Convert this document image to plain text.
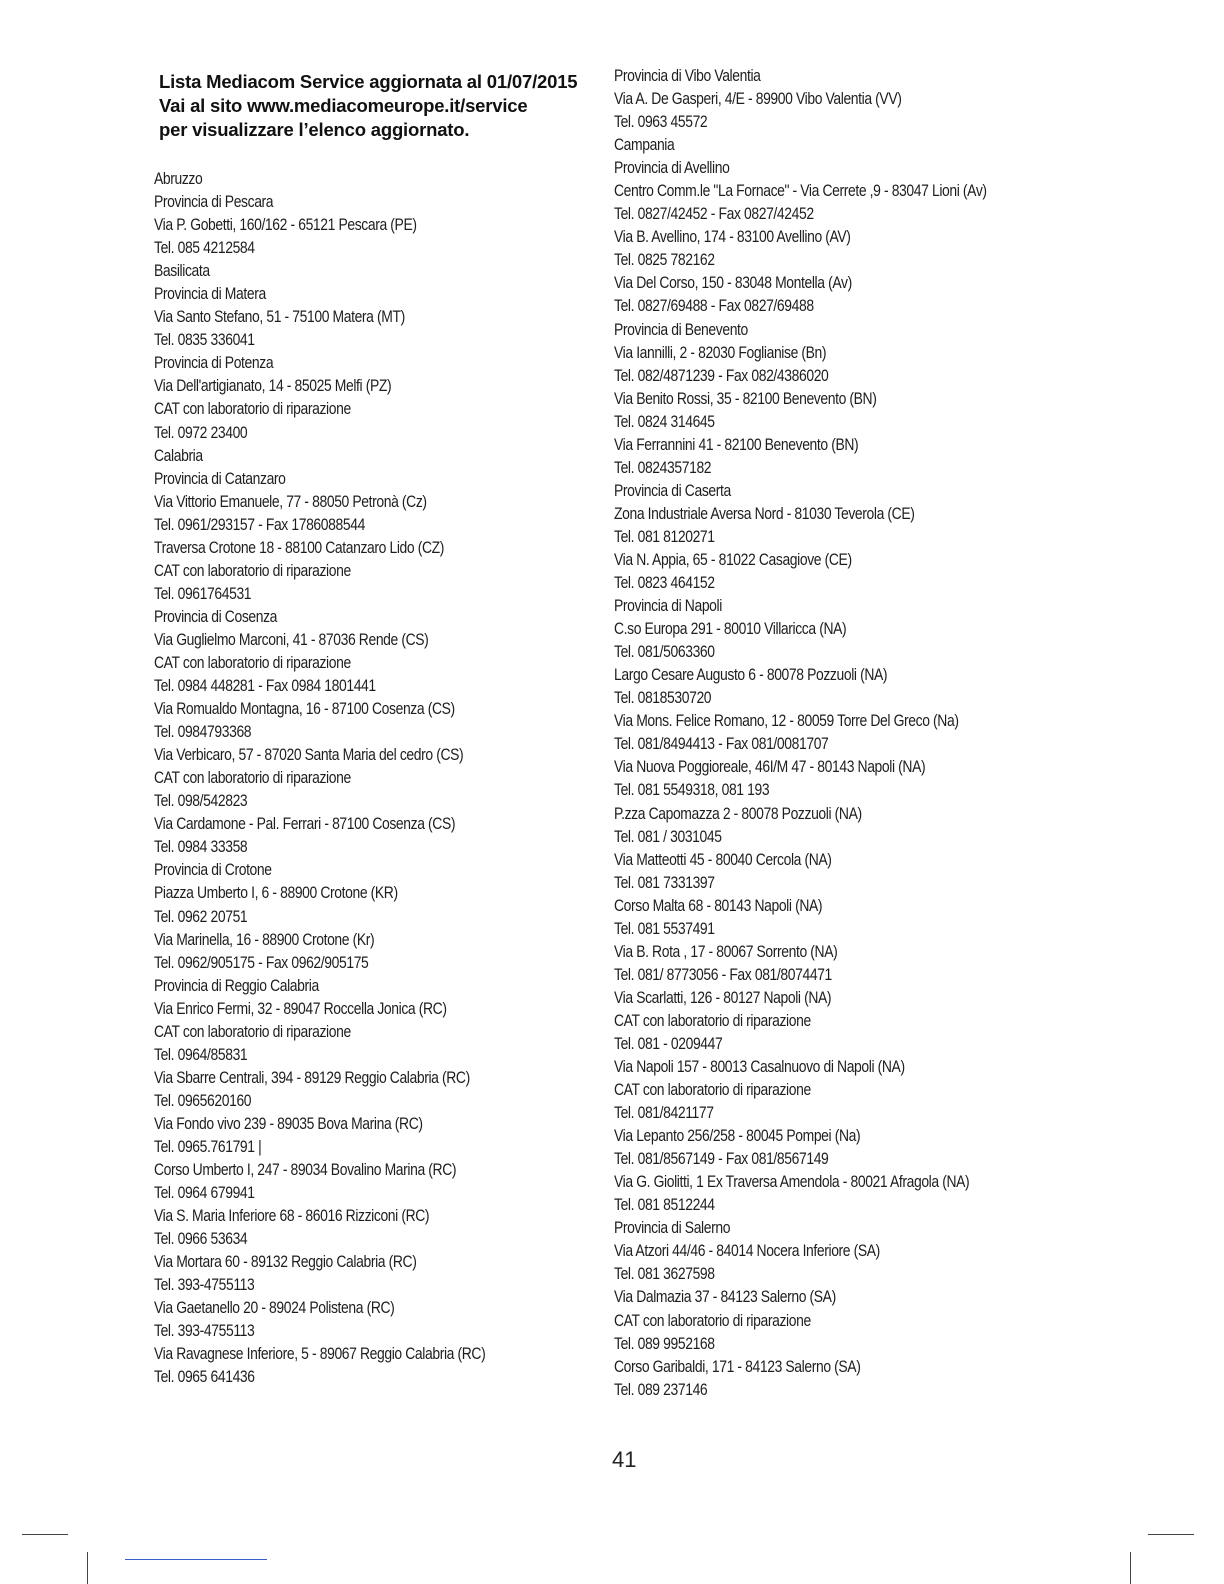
Lista Mediacom Service aggiornata al 01/07/2015
Vai al sito www.mediacomeurope.it/service
per visualizzare l’elenco aggiornato.
Abruzzo
Provincia di Pescara
Via P. Gobetti, 160/162 - 65121 Pescara (PE)
Tel. 085 4212584
Basilicata
Provincia di Matera
Via Santo Stefano, 51 - 75100 Matera (MT)
Tel. 0835 336041
Provincia di Potenza
Via Dell'artigianato, 14 - 85025 Melfi (PZ)
CAT con laboratorio di riparazione
Tel. 0972 23400
Calabria
Provincia di Catanzaro
Via Vittorio Emanuele, 77 - 88050 Petronà (Cz)
Tel. 0961/293157 - Fax 1786088544
Traversa Crotone 18 - 88100 Catanzaro Lido (CZ)
CAT con laboratorio di riparazione
Tel. 0961764531
Provincia di Cosenza
Via Guglielmo Marconi, 41 - 87036 Rende (CS)
CAT con laboratorio di riparazione
Tel. 0984 448281 - Fax 0984 1801441
Via Romualdo Montagna, 16 - 87100 Cosenza (CS)
Tel. 0984793368
Via Verbicaro, 57 - 87020 Santa Maria del cedro (CS)
CAT con laboratorio di riparazione
Tel. 098/542823
Via Cardamone - Pal. Ferrari - 87100 Cosenza (CS)
Tel. 0984 33358
Provincia di Crotone
Piazza Umberto I, 6 - 88900 Crotone (KR)
Tel. 0962 20751
Via Marinella, 16 - 88900 Crotone (Kr)
Tel. 0962/905175 - Fax 0962/905175
Provincia di Reggio Calabria
Via Enrico Fermi, 32 - 89047 Roccella Jonica (RC)
CAT con laboratorio di riparazione
Tel. 0964/85831
Via Sbarre Centrali, 394 - 89129 Reggio Calabria (RC)
Tel. 0965620160
Via Fondo vivo 239 - 89035 Bova Marina (RC)
Tel. 0965.761791 |
Corso Umberto I, 247 - 89034 Bovalino Marina (RC)
Tel. 0964 679941
Via S. Maria Inferiore 68 - 86016 Rizziconi (RC)
Tel. 0966 53634
Via Mortara 60 - 89132 Reggio Calabria (RC)
Tel. 393-4755113
Via Gaetanello 20 - 89024 Polistena (RC)
Tel. 393-4755113
Via Ravagnese Inferiore, 5 - 89067 Reggio Calabria (RC)
Tel. 0965 641436
Provincia di Vibo Valentia
Via A. De Gasperi, 4/E - 89900 Vibo Valentia (VV)
Tel. 0963 45572
Campania
Provincia di Avellino
Centro Comm.le "La Fornace" - Via Cerrete ,9 - 83047 Lioni (Av)
Tel. 0827/42452 - Fax 0827/42452
Via B. Avellino, 174 - 83100 Avellino (AV)
Tel. 0825 782162
Via Del Corso, 150 - 83048 Montella (Av)
Tel. 0827/69488 - Fax 0827/69488
Provincia di Benevento
Via Iannilli, 2 - 82030 Foglianise (Bn)
Tel. 082/4871239 - Fax 082/4386020
Via Benito Rossi, 35 - 82100 Benevento (BN)
Tel. 0824 314645
Via Ferrannini 41 - 82100 Benevento (BN)
Tel. 0824357182
Provincia di Caserta
Zona Industriale Aversa Nord - 81030 Teverola (CE)
Tel. 081 8120271
Via N. Appia, 65 - 81022 Casagiove (CE)
Tel. 0823 464152
Provincia di Napoli
C.so Europa 291 - 80010 Villaricca (NA)
Tel. 081/5063360
Largo Cesare Augusto 6 - 80078 Pozzuoli (NA)
Tel. 0818530720
Via Mons. Felice Romano, 12 - 80059 Torre Del Greco (Na)
Tel. 081/8494413 - Fax 081/0081707
Via Nuova Poggioreale, 46I/M 47 - 80143 Napoli (NA)
Tel. 081 5549318, 081 193
P.zza Capomazza 2 - 80078 Pozzuoli (NA)
Tel. 081 / 3031045
Via Matteotti 45 - 80040 Cercola (NA)
Tel. 081 7331397
Corso Malta 68 - 80143 Napoli (NA)
Tel. 081 5537491
Via B. Rota , 17 - 80067 Sorrento (NA)
Tel. 081/ 8773056 - Fax 081/8074471
Via Scarlatti, 126 - 80127 Napoli (NA)
CAT con laboratorio di riparazione
Tel. 081 - 0209447
Via Napoli 157 - 80013 Casalnuovo di Napoli (NA)
CAT con laboratorio di riparazione
Tel. 081/8421177
Via Lepanto 256/258 - 80045 Pompei (Na)
Tel. 081/8567149 - Fax 081/8567149
Via G. Giolitti, 1 Ex Traversa Amendola - 80021 Afragola (NA)
Tel. 081 8512244
Provincia di Salerno
Via Atzori 44/46 - 84014 Nocera Inferiore (SA)
Tel. 081 3627598
Via Dalmazia 37 - 84123 Salerno (SA)
CAT con laboratorio di riparazione
Tel. 089 9952168
Corso Garibaldi, 171 - 84123 Salerno (SA)
Tel. 089 237146
41
